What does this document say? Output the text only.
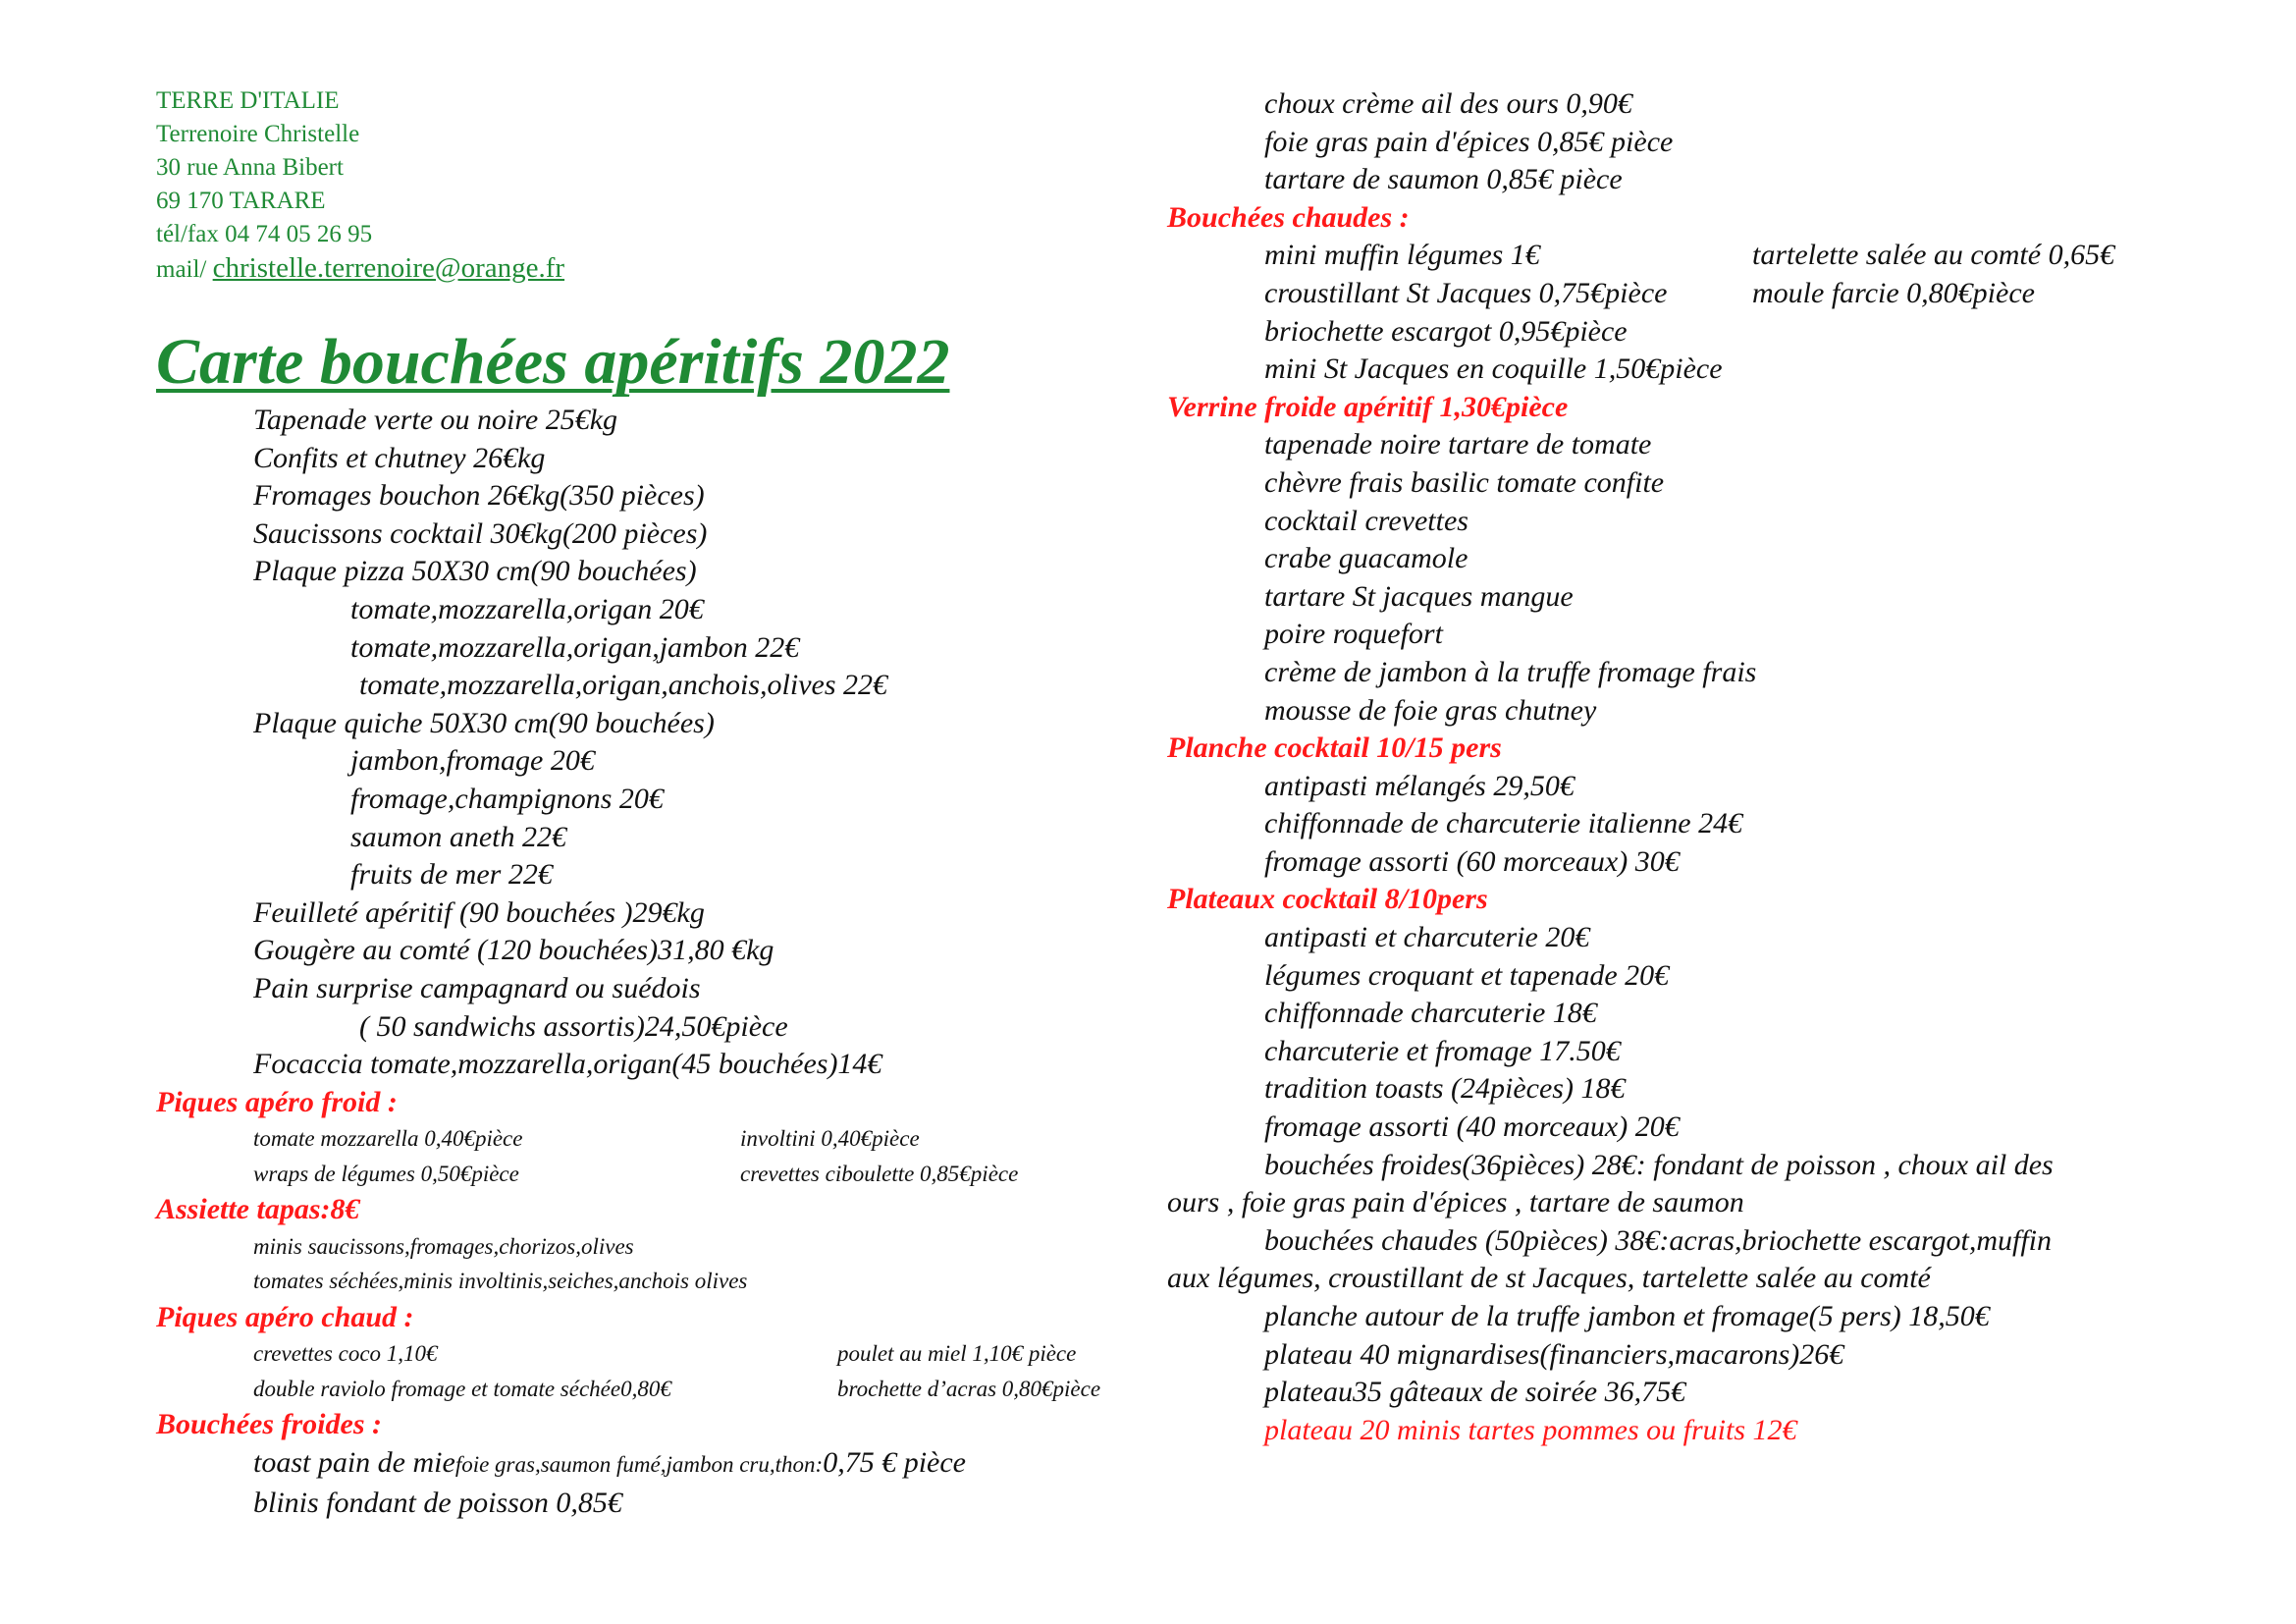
TERRE D'ITALIE
Terrenoire Christelle
30 rue Anna Bibert
69 170 TARARE
tél/fax 04 74 05 26 95
mail/ christelle.terrenoire@orange.fr
Carte bouchées apéritifs 2022
Tapenade verte ou noire 25€kg
Confits et chutney 26€kg
Fromages bouchon 26€kg(350 pièces)
Saucissons cocktail 30€kg(200 pièces)
Plaque pizza 50X30 cm(90 bouchées)
tomate,mozzarella,origan 20€
tomate,mozzarella,origan,jambon 22€
tomate,mozzarella,origan,anchois,olives 22€
Plaque quiche 50X30 cm(90 bouchées)
jambon,fromage 20€
fromage,champignons 20€
saumon aneth 22€
fruits de mer 22€
Feuilleté apéritif (90 bouchées )29€kg
Gougère au comté (120 bouchées)31,80 €kg
Pain surprise campagnard ou suédois
( 50 sandwichs assortis)24,50€pièce
Focaccia tomate,mozzarella,origan(45 bouchées)14€
Piques apéro froid :
tomate mozzarella 0,40€pièce	involtini 0,40€pièce
wraps de légumes 0,50€pièce	crevettes ciboulette 0,85€pièce
Assiette tapas:8€
minis saucissons,fromages,chorizos,olives
tomates séchées,minis involtinis,seiches,anchois olives
Piques apéro chaud :
crevettes coco 1,10€	poulet au miel 1,10€ pièce
double raviolo fromage et tomate séchée0,80€	brochette d’acras 0,80€pièce
Bouchées froides :
toast pain de miefoie gras,saumon fumé,jambon cru,thon:0,75 € pièce
blinis fondant de poisson 0,85€
choux crème ail des ours 0,90€
foie gras pain d'épices 0,85€ pièce
tartare de saumon 0,85€ pièce
Bouchées chaudes :
mini muffin légumes 1€	tartelette salée au comté 0,65€
croustillant St Jacques 0,75€pièce	moule farcie 0,80€pièce
briochette escargot 0,95€pièce
mini St Jacques en coquille 1,50€pièce
Verrine froide apéritif 1,30€pièce
tapenade noire tartare de tomate
chèvre frais basilic tomate confite
cocktail crevettes
crabe guacamole
tartare St jacques mangue
poire roquefort
crème de jambon à la truffe fromage frais
mousse de foie gras chutney
Planche cocktail 10/15 pers
antipasti mélangés 29,50€
chiffonnade de charcuterie italienne 24€
fromage assorti (60 morceaux) 30€
Plateaux cocktail 8/10pers
antipasti et charcuterie 20€
légumes croquant et tapenade 20€
chiffonnade charcuterie 18€
charcuterie et fromage 17.50€
tradition toasts (24pièces) 18€
fromage assorti (40 morceaux) 20€
bouchées froides(36pièces) 28€: fondant de poisson , choux ail des
ours , foie gras pain d'épices , tartare de saumon
bouchées chaudes (50pièces) 38€:acras,briochette escargot,muffin
aux légumes, croustillant de st Jacques, tartelette salée au comté
planche autour de la truffe jambon et fromage(5 pers) 18,50€
plateau 40 mignardises(financiers,macarons)26€
plateau35 gâteaux de soirée 36,75€
plateau 20 minis tartes pommes ou fruits 12€
